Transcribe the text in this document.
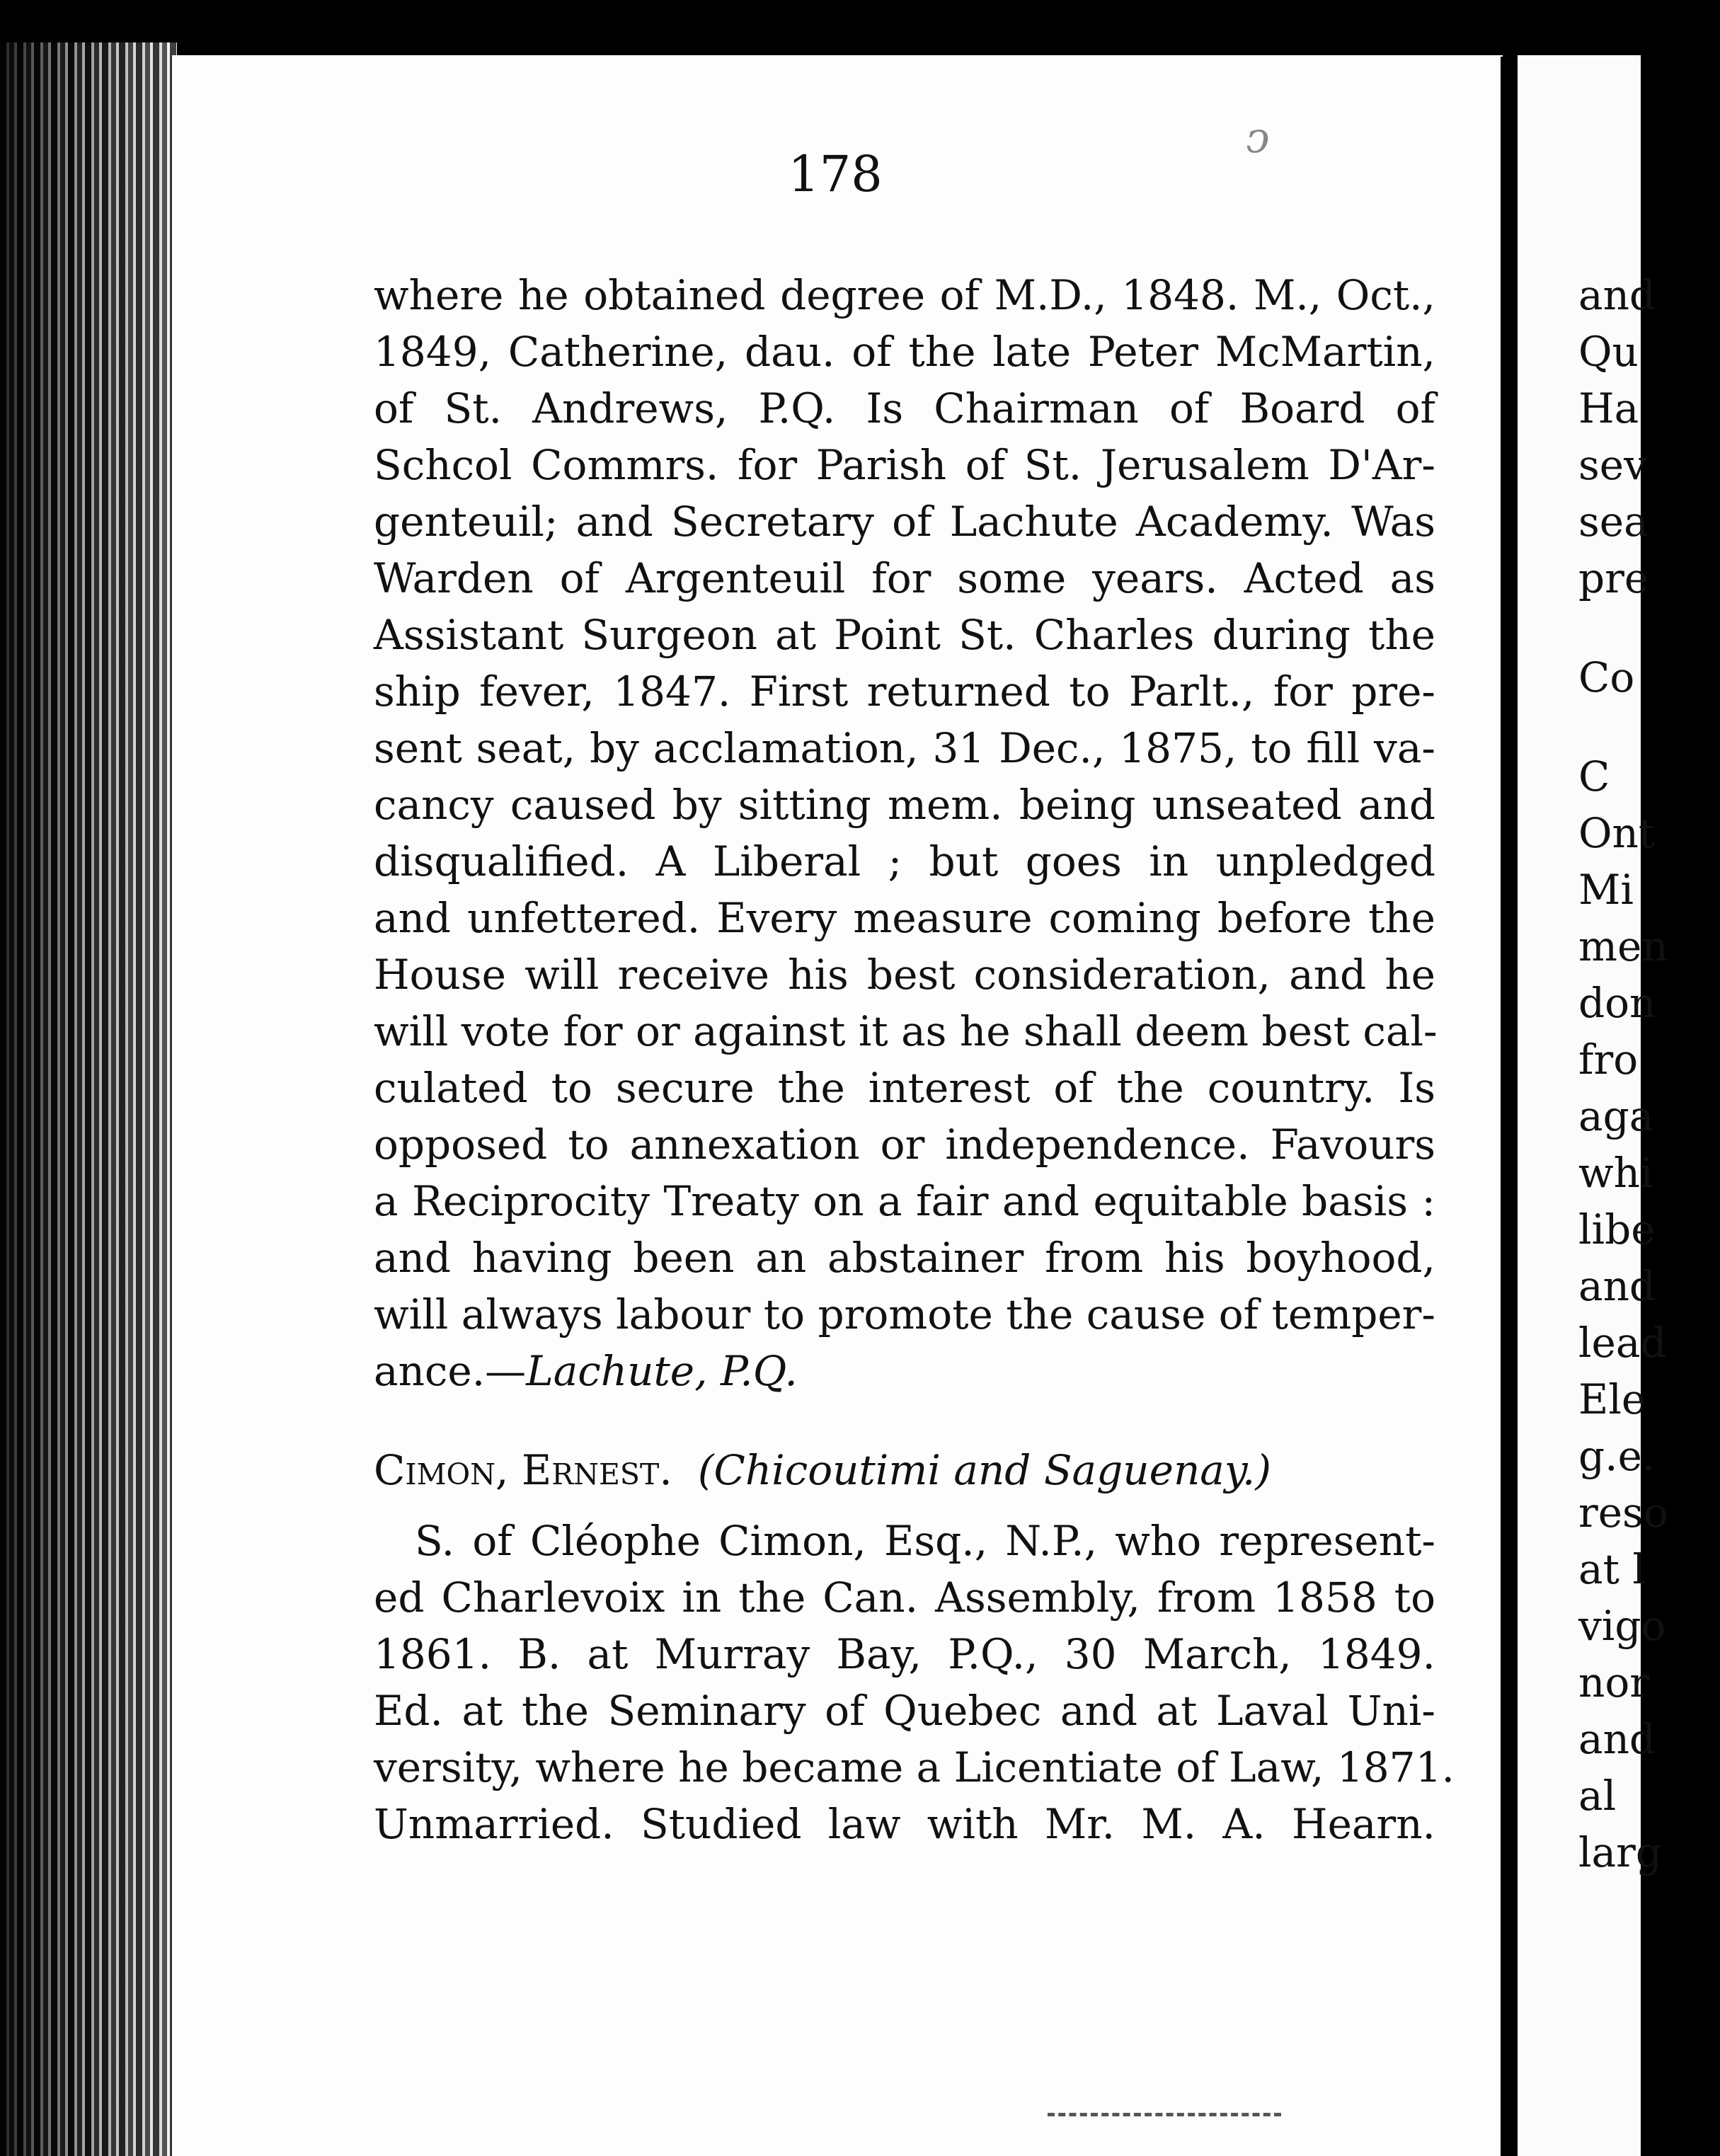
ↄ
178
where he obtained degree of M.D., 1848. M., Oct.,
1849, Catherine, dau. of the late Peter McMartin,
of St. Andrews, P.Q. Is Chairman of Board of
Schcol Commrs. for Parish of St. Jerusalem D'Ar-
genteuil; and Secretary of Lachute Academy. Was
Warden of Argenteuil for some years. Acted as
Assistant Surgeon at Point St. Charles during the
ship fever, 1847. First returned to Parlt., for pre-
sent seat, by acclamation, 31 Dec., 1875, to fill va-
cancy caused by sitting mem. being unseated and
disqualified. A Liberal ; but goes in unpledged
and unfettered. Every measure coming before the
House will receive his best consideration, and he
will vote for or against it as he shall deem best cal-
culated to secure the interest of the country. Is
opposed to annexation or independence. Favours
a Reciprocity Treaty on a fair and equitable basis :
and having been an abstainer from his boyhood,
will always labour to promote the cause of temper-
ance.—Lachute, P.Q.
Cimon, Ernest. (Chicoutimi and Saguenay.)
S. of Cléophe Cimon, Esq., N.P., who represent-
ed Charlevoix in the Can. Assembly, from 1858 to
1861. B. at Murray Bay, P.Q., 30 March, 1849.
Ed. at the Seminary of Quebec and at Laval Uni-
versity, where he became a Licentiate of Law, 1871.
Unmarried. Studied law with Mr. M. A. Hearn.
and
Qu
Ha
sev
sea
pre
Co
C
Ont
Mi
men
don
fro
aga
whi
libe
and
lead
Ele
g.e.
reso
at l
vigo
nor
and
al
larg
